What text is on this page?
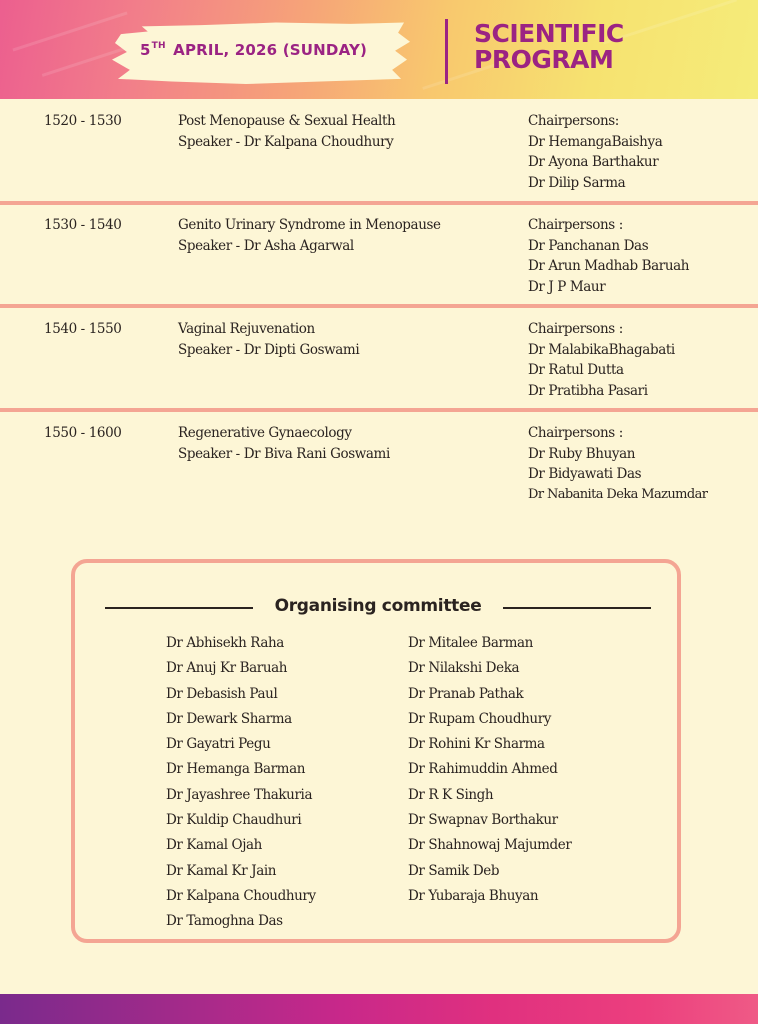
5TH APRIL, 2026 (SUNDAY)
SCIENTIFIC
PROGRAM
1520 - 1530	Post Menopause & Sexual Health
Speaker - Dr Kalpana Choudhury
Chairpersons:
Dr HemangaBaishya
Dr Ayona Barthakur
Dr Dilip Sarma
1530 - 1540	Genito Urinary Syndrome in Menopause
Speaker - Dr Asha Agarwal
Chairpersons :
Dr Panchanan Das
Dr Arun Madhab Baruah
Dr J P Maur
1540 - 1550	Vaginal Rejuvenation
Speaker - Dr Dipti Goswami
Chairpersons :
Dr MalabikaBhagabati
Dr Ratul Dutta
Dr Pratibha Pasari
1550 - 1600	Regenerative Gynaecology
Speaker - Dr Biva Rani Goswami
Chairpersons :
Dr Ruby Bhuyan
Dr Bidyawati Das
Dr Nabanita Deka Mazumdar
Organising committee
Dr Abhisekh Raha
Dr Anuj Kr Baruah
Dr Debasish Paul
Dr Dewark Sharma
Dr Gayatri Pegu
Dr Hemanga Barman
Dr Jayashree Thakuria
Dr Kuldip Chaudhuri
Dr Kamal Ojah
Dr Kamal Kr Jain
Dr Kalpana Choudhury
Dr Tamoghna Das
Dr Mitalee Barman
Dr Nilakshi Deka
Dr Pranab Pathak
Dr Rupam Choudhury
Dr Rohini Kr Sharma
Dr Rahimuddin Ahmed
Dr R K Singh
Dr Swapnav Borthakur
Dr Shahnowaj Majumder
Dr Samik Deb
Dr Yubaraja Bhuyan
